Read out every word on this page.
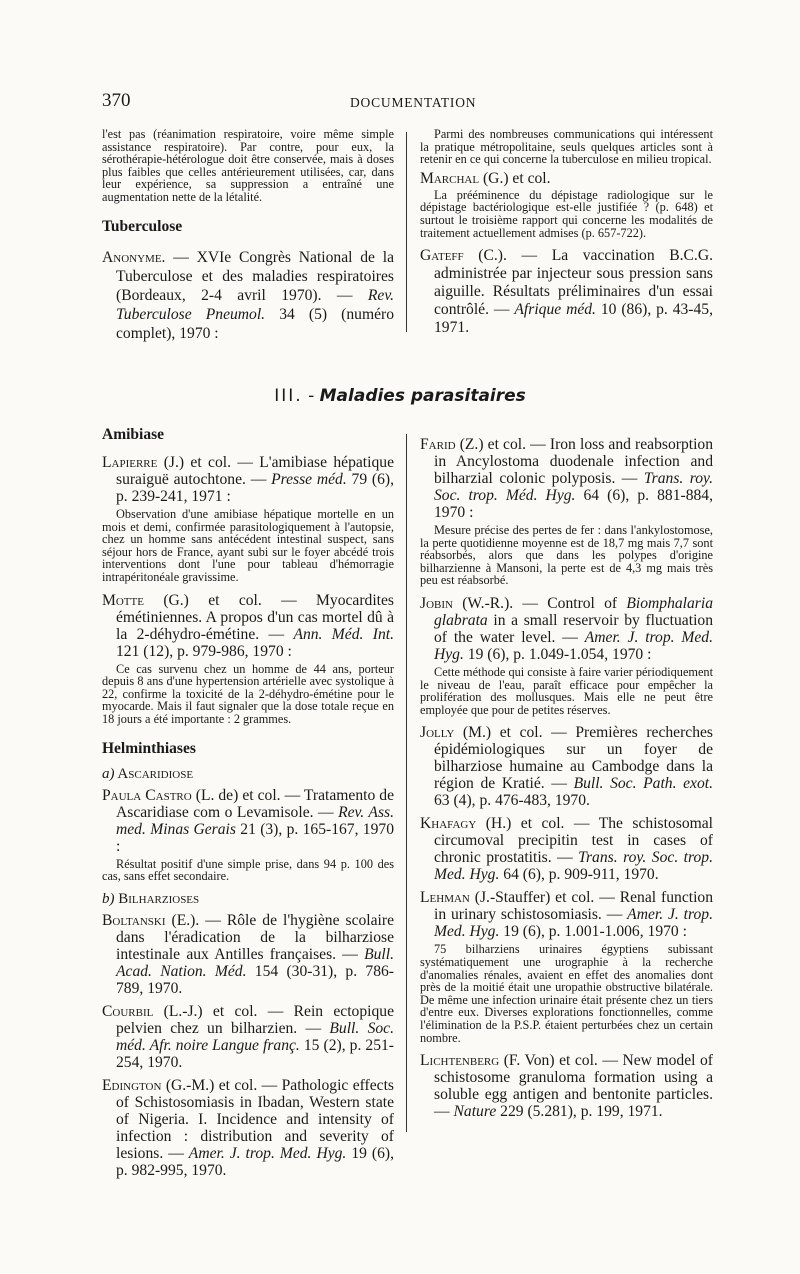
370	DOCUMENTATION

l'est pas (réanimation respiratoire, voire même simple assistance respiratoire). Par contre, pour eux, la sérothérapie-hétérologue doit être conservée, mais à doses plus faibles que celles antérieurement utilisées, car, dans leur expérience, sa suppression a entraîné une augmentation nette de la létalité.

Tuberculose

Anonyme. — XVIe Congrès National de la Tuberculose et des maladies respiratoires (Bordeaux, 2-4 avril 1970). — Rev. Tuberculose Pneumol. 34 (5) (numéro complet), 1970 :

Parmi des nombreuses communications qui intéressent la pratique métropolitaine, seuls quelques articles sont à retenir en ce qui concerne la tuberculose en milieu tropical.

Marchal (G.) et col.

La prééminence du dépistage radiologique sur le dépistage bactériologique est-elle justifiée ? (p. 648) et surtout le troisième rapport qui concerne les modalités de traitement actuellement admises (p. 657-722).

Gateff (C.). — La vaccination B.C.G. administrée par injecteur sous pression sans aiguille. Résultats préliminaires d'un essai contrôlé. — Afrique méd. 10 (86), p. 43-45, 1971.

III. - Maladies parasitaires
Amibiase

Lapierre (J.) et col. — L'amibiase hépatique suraiguë autochtone. — Presse méd. 79 (6), p. 239-241, 1971 :

Observation d'une amibiase hépatique mortelle en un mois et demi, confirmée parasitologiquement à l'autopsie, chez un homme sans antécédent intestinal suspect, sans séjour hors de France, ayant subi sur le foyer abcédé trois interventions dont l'une pour tableau d'hémorragie intrapéritonéale gravissime.

Motte (G.) et col. — Myocardites émétiniennes. A propos d'un cas mortel dû à la 2-déhydro-émétine. — Ann. Méd. Int. 121 (12), p. 979-986, 1970 :

Ce cas survenu chez un homme de 44 ans, porteur depuis 8 ans d'une hypertension artérielle avec systolique à 22, confirme la toxicité de la 2-déhydro-émétine pour le myocarde. Mais il faut signaler que la dose totale reçue en 18 jours a été importante : 2 grammes.

Helminthiases

a) Ascaridiose

Paula Castro (L. de) et col. — Tratamento de Ascaridiase com o Levamisole. — Rev. Ass. med. Minas Gerais 21 (3), p. 165-167, 1970 :

Résultat positif d'une simple prise, dans 94 p. 100 des cas, sans effet secondaire.

b) Bilharzioses

Boltanski (E.). — Rôle de l'hygiène scolaire dans l'éradication de la bilharziose intestinale aux Antilles françaises. — Bull. Acad. Nation. Méd. 154 (30-31), p. 786-789, 1970.

Courbil (L.-J.) et col. — Rein ectopique pelvien chez un bilharzien. — Bull. Soc. méd. Afr. noire Langue franç. 15 (2), p. 251-254, 1970.

Edington (G.-M.) et col. — Pathologic effects of Schistosomiasis in Ibadan, Western state of Nigeria. I. Incidence and intensity of infection : distribution and severity of lesions. — Amer. J. trop. Med. Hyg. 19 (6), p. 982-995, 1970.

Farid (Z.) et col. — Iron loss and reabsorption in Ancylostoma duodenale infection and bilharzial colonic polyposis. — Trans. roy. Soc. trop. Méd. Hyg. 64 (6), p. 881-884, 1970 :

Mesure précise des pertes de fer : dans l'ankylostomose, la perte quotidienne moyenne est de 18,7 mg mais 7,7 sont réabsorbés, alors que dans les polypes d'origine bilharzienne à Mansoni, la perte est de 4,3 mg mais très peu est réabsorbé.

Jobin (W.-R.). — Control of Biomphalaria glabrata in a small reservoir by fluctuation of the water level. — Amer. J. trop. Med. Hyg. 19 (6), p. 1.049-1.054, 1970 :

Cette méthode qui consiste à faire varier périodiquement le niveau de l'eau, paraît efficace pour empêcher la prolifération des mollusques. Mais elle ne peut être employée que pour de petites réserves.

Jolly (M.) et col. — Premières recherches épidémiologiques sur un foyer de bilharziose humaine au Cambodge dans la région de Kratié. — Bull. Soc. Path. exot. 63 (4), p. 476-483, 1970.

Khafagy (H.) et col. — The schistosomal circumoval precipitin test in cases of chronic prostatitis. — Trans. roy. Soc. trop. Med. Hyg. 64 (6), p. 909-911, 1970.

Lehman (J.-Stauffer) et col. — Renal function in urinary schistosomiasis. — Amer. J. trop. Med. Hyg. 19 (6), p. 1.001-1.006, 1970 :

75 bilharziens urinaires égyptiens subissant systématiquement une urographie à la recherche d'anomalies rénales, avaient en effet des anomalies dont près de la moitié était une uropathie obstructive bilatérale. De même une infection urinaire était présente chez un tiers d'entre eux. Diverses explorations fonctionnelles, comme l'élimination de la P.S.P. étaient perturbées chez un certain nombre.

Lichtenberg (F. Von) et col. — New model of schistosome granuloma formation using a soluble egg antigen and bentonite particles. — Nature 229 (5.281), p. 199, 1971.
